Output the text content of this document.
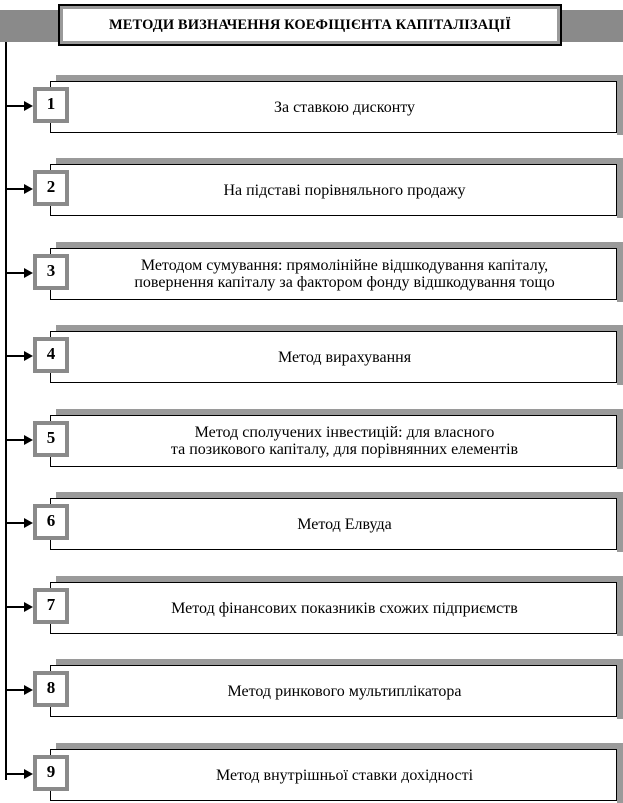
МЕТОДИ ВИЗНАЧЕННЯ КОЕФІЦІЄНТА КАПІТАЛІЗАЦІЇ
За ставкою дисконту
1
На підставі порівняльного продажу
2
Методом сумування: прямолінійне відшкодування капіталу,
повернення капіталу за фактором фонду відшкодування тощо
3
Метод вирахування
4
Метод сполучених інвестицій: для власного
та позикового капіталу, для порівнянних елементів
5
Метод Елвуда
6
Метод фінансових показників схожих підприємств
7
Метод ринкового мультиплікатора
8
Метод внутрішньої ставки дохідності
9
